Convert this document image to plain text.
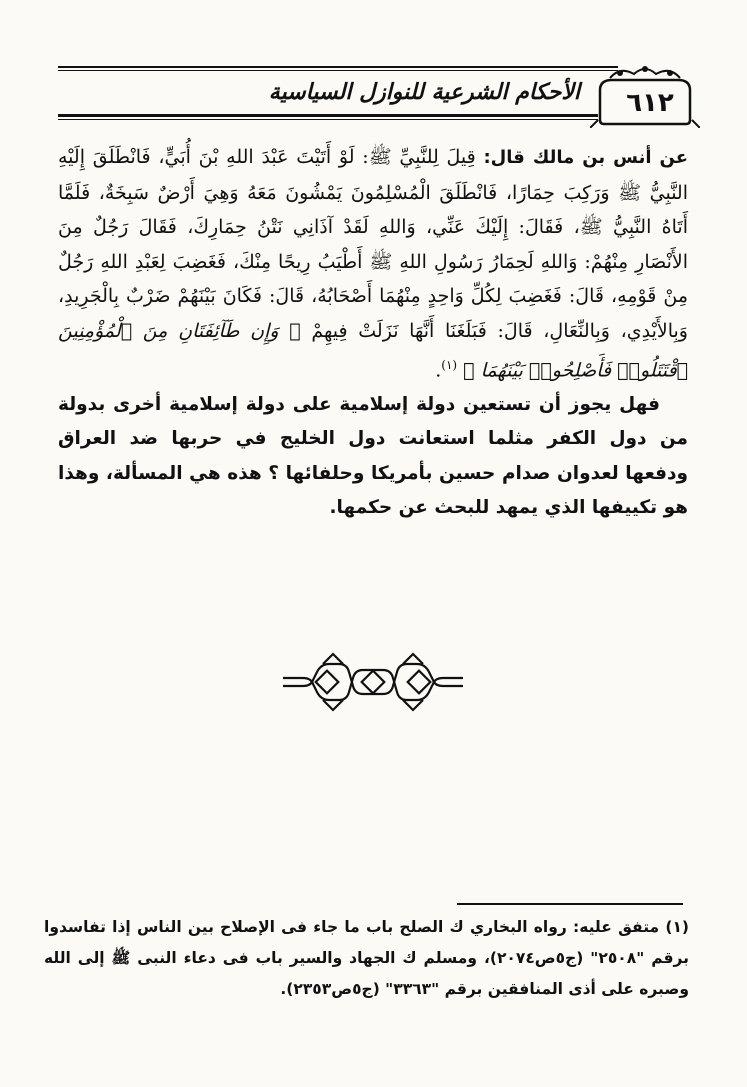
٦١٢
الأحكام الشرعية للنوازل السياسية

عن أنس بن مالك قال: قِيلَ لِلنَّبِيِّ ﷺ: لَوْ أَتَيْتَ عَبْدَ اللهِ بْنَ أُبَيٍّ، فَانْطَلَقَ إِلَيْهِ النَّبِيُّ ﷺ وَرَكِبَ حِمَارًا، فَانْطَلَقَ الْمُسْلِمُونَ يَمْشُونَ مَعَهُ وَهِيَ أَرْضٌ سَبِخَةٌ، فَلَمَّا أَتَاهُ النَّبِيُّ ﷺ، فَقَالَ: إِلَيْكَ عَنِّي، وَاللهِ لَقَدْ آذَانِي نَتْنُ حِمَارِكَ، فَقَالَ رَجُلٌ مِنَ الأَنْصَارِ مِنْهُمْ: وَاللهِ لَحِمَارُ رَسُولِ اللهِ ﷺ أَطْيَبُ رِيحًا مِنْكَ، فَغَضِبَ لِعَبْدِ اللهِ رَجُلٌ مِنْ قَوْمِهِ، قَالَ: فَغَضِبَ لِكُلِّ وَاحِدٍ مِنْهُمَا أَصْحَابُهُ، قَالَ: فَكَانَ بَيْنَهُمْ ضَرْبٌ بِالْجَرِيدِ، وَبِالأَيْدِي، وَبِالنِّعَالِ، قَالَ: فَبَلَغَنَا أَنَّهَا نَزَلَتْ فِيهِمْ ﴿ وَإِن طَآئِفَتَانِ مِنَ ٱلْمُؤْمِنِينَ ٱقْتَتَلُوا۟ فَأَصْلِحُوا۟ بَيْنَهُمَا ﴾ $^{(١)}$.

فهل يجوز أن تستعين دولة إسلامية على دولة إسلامية أخرى بدولة من دول الكفر مثلما استعانت دول الخليج في حربها ضد العراق ودفعها لعدوان صدام حسين بأمريكا وحلفائها ؟ هذه هي المسألة، وهذا هو تكييفها الذي يمهد للبحث عن حكمها.

(١) متفق عليه: رواه البخاري ك الصلح باب ما جاء فى الإصلاح بين الناس إذا تفاسدوا برقم "٢٥٠٨" (ج٥ص٢٠٧٤)، ومسلم ك الجهاد والسير باب فى دعاء النبى ﷺ إلى الله وصبره على أذى المنافقين برقم "٣٣٦٣" (ج٥ص٢٣٥٣).
